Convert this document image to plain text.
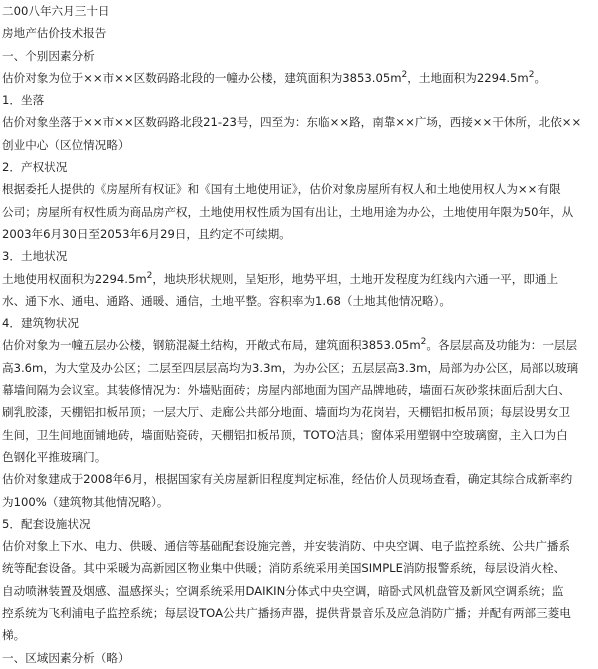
二00八年六月三十日
房地产估价技术报告
一、个别因素分析
估价对象为位于××市××区数码路北段的一幢办公楼，建筑面积为$3853.05m^2$，土地面积为$2294.5m^2$。
1．坐落
估价对象坐落于××市××区数码路北段21-23号，四至为：东临××路，南靠××广场，西接××干休所，北依××
创业中心（区位情况略）
2．产权状况
根据委托人提供的《房屋所有权证》和《国有土地使用证》，估价对象房屋所有权人和土地使用权人为××有限
公司；房屋所有权性质为商品房产权，土地使用权性质为国有出让，土地用途为办公，土地使用年限为50年，从
2003年6月30日至2053年6月29日，且约定不可续期。
3．土地状况
土地使用权面积为$2294.5m^2$，地块形状规则，呈矩形，地势平坦，土地开发程度为红线内六通一平，即通上
水、通下水、通电、通路、通暖、通信，土地平整。容积率为1.68（土地其他情况略）。
4．建筑物状况
估价对象为一幢五层办公楼，钢筋混凝土结构，开敞式布局，建筑面积$3853.05m^2$。各层层高及功能为：一层层
高3.6m，为大堂及办公区；二层至四层层高均为3.3m，为办公区；五层层高3.3m，局部为办公区，局部以玻璃
幕墙间隔为会议室。其装修情况为：外墙贴面砖；房屋内部地面为国产品牌地砖，墙面石灰砂浆抹面后刮大白、
刷乳胶漆，天棚铝扣板吊顶；一层大厅、走廊公共部分地面、墙面均为花岗岩，天棚铝扣板吊顶；每层设男女卫
生间，卫生间地面铺地砖，墙面贴瓷砖，天棚铝扣板吊顶，TOTO洁具；窗体采用塑钢中空玻璃窗，主入口为白
色钢化平推玻璃门。
估价对象建成于2008年6月，根据国家有关房屋新旧程度判定标准，经估价人员现场查看，确定其综合成新率约
为100%（建筑物其他情况略）。
5．配套设施状况
估价对象上下水、电力、供暖、通信等基础配套设施完善，并安装消防、中央空调、电子监控系统、公共广播系
统等配套设备。其中采暖为高新园区物业集中供暖；消防系统采用美国SIMPLE消防报警系统，每层设消火栓、
自动喷淋装置及烟感、温感探头；空调系统采用DAIKIN分体式中央空调，暗卧式风机盘管及新风空调系统；监
控系统为飞利浦电子监控系统；每层设TOA公共广播扬声器，提供背景音乐及应急消防广播；并配有两部三菱电
梯。
一、区域因素分析（略）
